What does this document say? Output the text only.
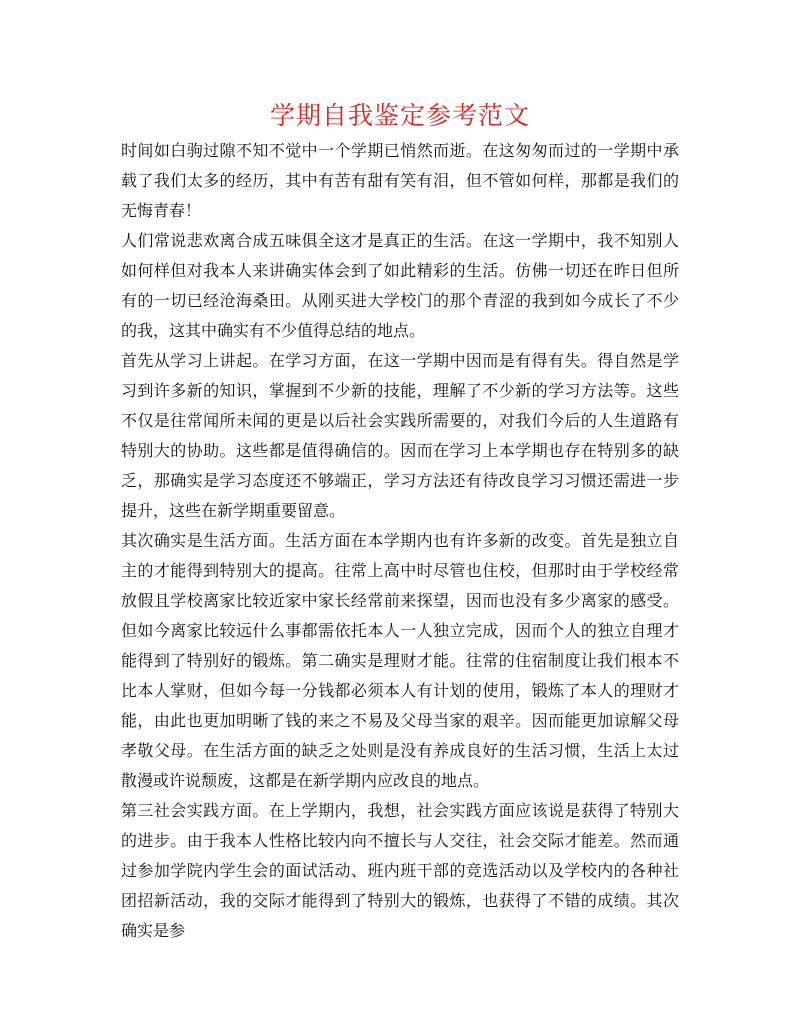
学期自我鉴定参考范文

时间如白驹过隙不知不觉中一个学期已悄然而逝。在这匆匆而过的一学期中承载了我们太多的经历，其中有苦有甜有笑有泪，但不管如何样，那都是我们的无悔青春！

人们常说悲欢离合成五味俱全这才是真正的生活。在这一学期中，我不知别人如何样但对我本人来讲确实体会到了如此精彩的生活。仿佛一切还在昨日但所有的一切已经沧海桑田。从刚买进大学校门的那个青涩的我到如今成长了不少的我，这其中确实有不少值得总结的地点。

首先从学习上讲起。在学习方面，在这一学期中因而是有得有失。得自然是学习到许多新的知识，掌握到不少新的技能，理解了不少新的学习方法等。这些不仅是往常闻所未闻的更是以后社会实践所需要的，对我们今后的人生道路有特别大的协助。这些都是值得确信的。因而在学习上本学期也存在特别多的缺乏，那确实是学习态度还不够端正，学习方法还有待改良学习习惯还需进一步提升，这些在新学期重要留意。

其次确实是生活方面。生活方面在本学期内也有许多新的改变。首先是独立自主的才能得到特别大的提高。往常上高中时尽管也住校，但那时由于学校经常放假且学校离家比较近家中家长经常前来探望，因而也没有多少离家的感受。但如今离家比较远什么事都需依托本人一人独立完成，因而个人的独立自理才能得到了特别好的锻炼。第二确实是理财才能。往常的住宿制度让我们根本不比本人掌财，但如今每一分钱都必须本人有计划的使用，锻炼了本人的理财才能，由此也更加明晰了钱的来之不易及父母当家的艰辛。因而能更加谅解父母孝敬父母。在生活方面的缺乏之处则是没有养成良好的生活习惯，生活上太过散漫或许说颓废，这都是在新学期内应改良的地点。

第三社会实践方面。在上学期内，我想，社会实践方面应该说是获得了特别大的进步。由于我本人性格比较内向不擅长与人交往，社会交际才能差。然而通过参加学院内学生会的面试活动、班内班干部的竞选活动以及学校内的各种社团招新活动，我的交际才能得到了特别大的锻炼，也获得了不错的成绩。其次确实是参
